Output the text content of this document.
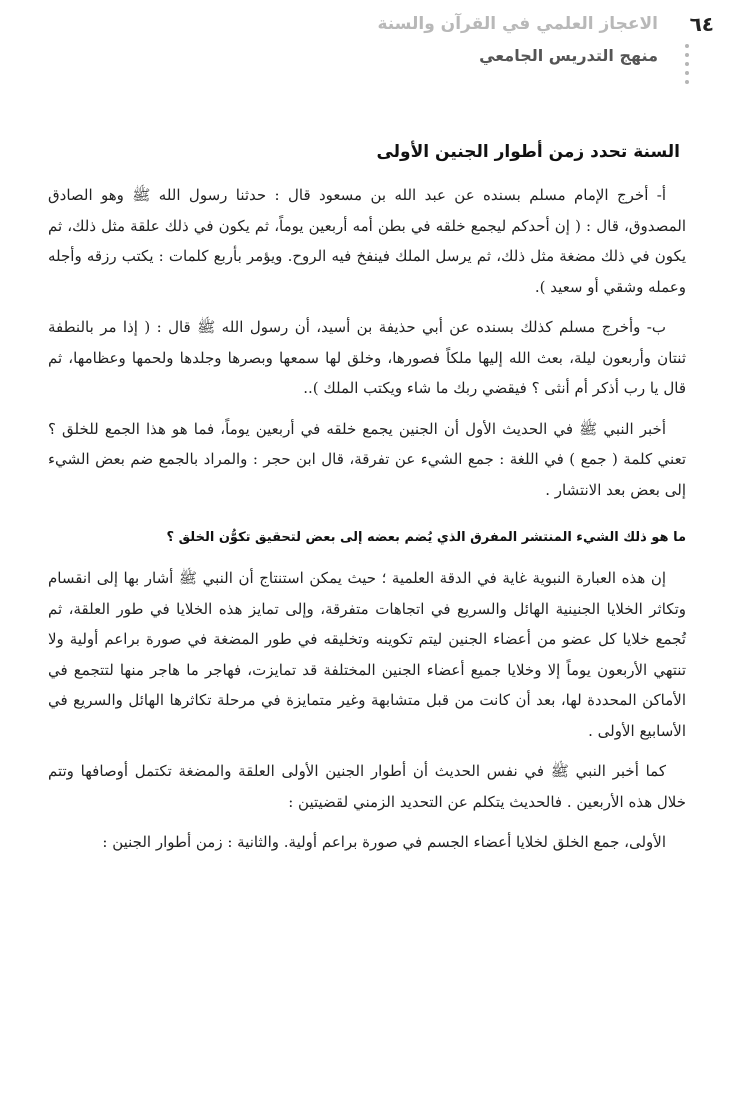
٦٤
الاعجاز العلمي في القرآن والسنة
منهج التدريس الجامعي
السنة تحدد زمن أطوار الجنين الأولى

أ- أخرج الإمام مسلم بسنده عن عبد الله بن مسعود قال : حدثنا رسول الله ﷺ وهو الصادق المصدوق، قال : ( إن أحدكم ليجمع خلقه في بطن أمه أربعين يوماً، ثم يكون في ذلك علقة مثل ذلك، ثم يكون في ذلك مضغة مثل ذلك، ثم يرسل الملك فينفخ فيه الروح. ويؤمر بأربع كلمات : يكتب رزقه وأجله وعمله وشقي أو سعيد ).

ب- وأخرج مسلم كذلك بسنده عن أبي حذيفة بن أسيد، أن رسول الله ﷺ قال : ( إذا مر بالنطفة ثنتان وأربعون ليلة، بعث الله إليها ملكاً فصورها، وخلق لها سمعها وبصرها وجلدها ولحمها وعظامها، ثم قال يا رب أذكر أم أنثى ؟ فيقضي ربك ما شاء ويكتب الملك )..

أخبر النبي ﷺ في الحديث الأول أن الجنين يجمع خلقه في أربعين يوماً، فما هو هذا الجمع للخلق ؟ تعني كلمة ( جمع ) في اللغة : جمع الشيء عن تفرقة، قال ابن حجر : والمراد بالجمع ضم بعض الشيء إلى بعض بعد الانتشار .

ما هو ذلك الشيء المنتشر المفرق الذي يُضم بعضه إلى بعض لتحقيق تكوُّن الخلق ؟

إن هذه العبارة النبوية غاية في الدقة العلمية ؛ حيث يمكن استنتاج أن النبي ﷺ أشار بها إلى انقسام وتكاثر الخلايا الجنينية الهائل والسريع في اتجاهات متفرقة، وإلى تمايز هذه الخلايا في طور العلقة، ثم تُجمع خلايا كل عضو من أعضاء الجنين ليتم تكوينه وتخليقه في طور المضغة في صورة براعم أولية ولا تنتهي الأربعون يوماً إلا وخلايا جميع أعضاء الجنين المختلفة قد تمايزت، فهاجر ما هاجر منها لتتجمع في الأماكن المحددة لها، بعد أن كانت من قبل متشابهة وغير متمايزة في مرحلة تكاثرها الهائل والسريع في الأسابيع الأولى .

كما أخبر النبي ﷺ في نفس الحديث أن أطوار الجنين الأولى العلقة والمضغة تكتمل أوصافها وتتم خلال هذه الأربعين . فالحديث يتكلم عن التحديد الزمني لقضيتين :

الأولى، جمع الخلق لخلايا أعضاء الجسم في صورة براعم أولية. والثانية : زمن أطوار الجنين :
